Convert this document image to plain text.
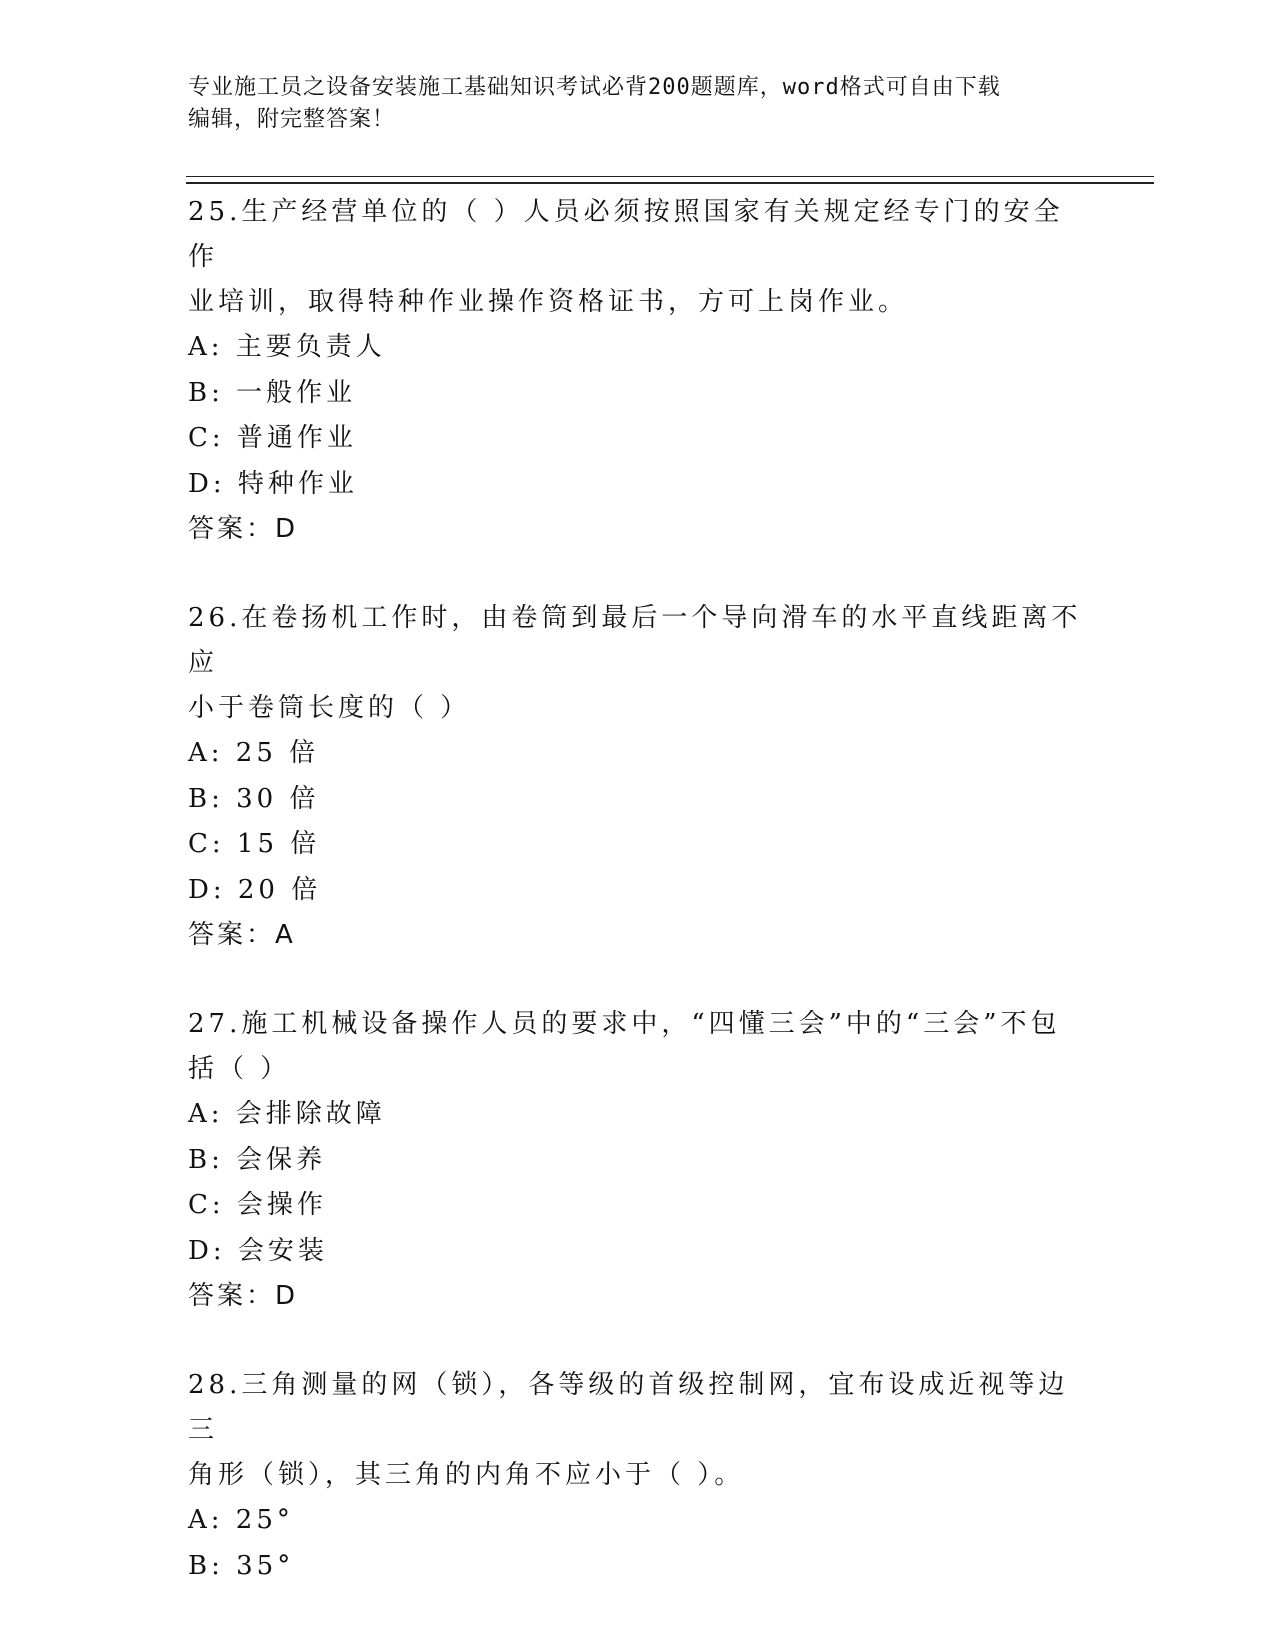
专业施工员之设备安装施工基础知识考试必背200题题库，word格式可自由下载
编辑，附完整答案！
25.生产经营单位的（ ）人员必须按照国家有关规定经专门的安全作
业培训，取得特种作业操作资格证书，方可上岗作业。
A: 主要负责人
B: 一般作业
C: 普通作业
D: 特种作业
答案：D
26.在卷扬机工作时，由卷筒到最后一个导向滑车的水平直线距离不应
小于卷筒长度的（ ）
A: 25 倍
B: 30 倍
C: 15 倍
D: 20 倍
答案：A
27.施工机械设备操作人员的要求中，“四懂三会”中的“三会”不包
括（ ）
A: 会排除故障
B: 会保养
C: 会操作
D: 会安装
答案：D
28.三角测量的网（锁），各等级的首级控制网，宜布设成近视等边三
角形（锁），其三角的内角不应小于（ ）。
A: 25°
B: 35°
